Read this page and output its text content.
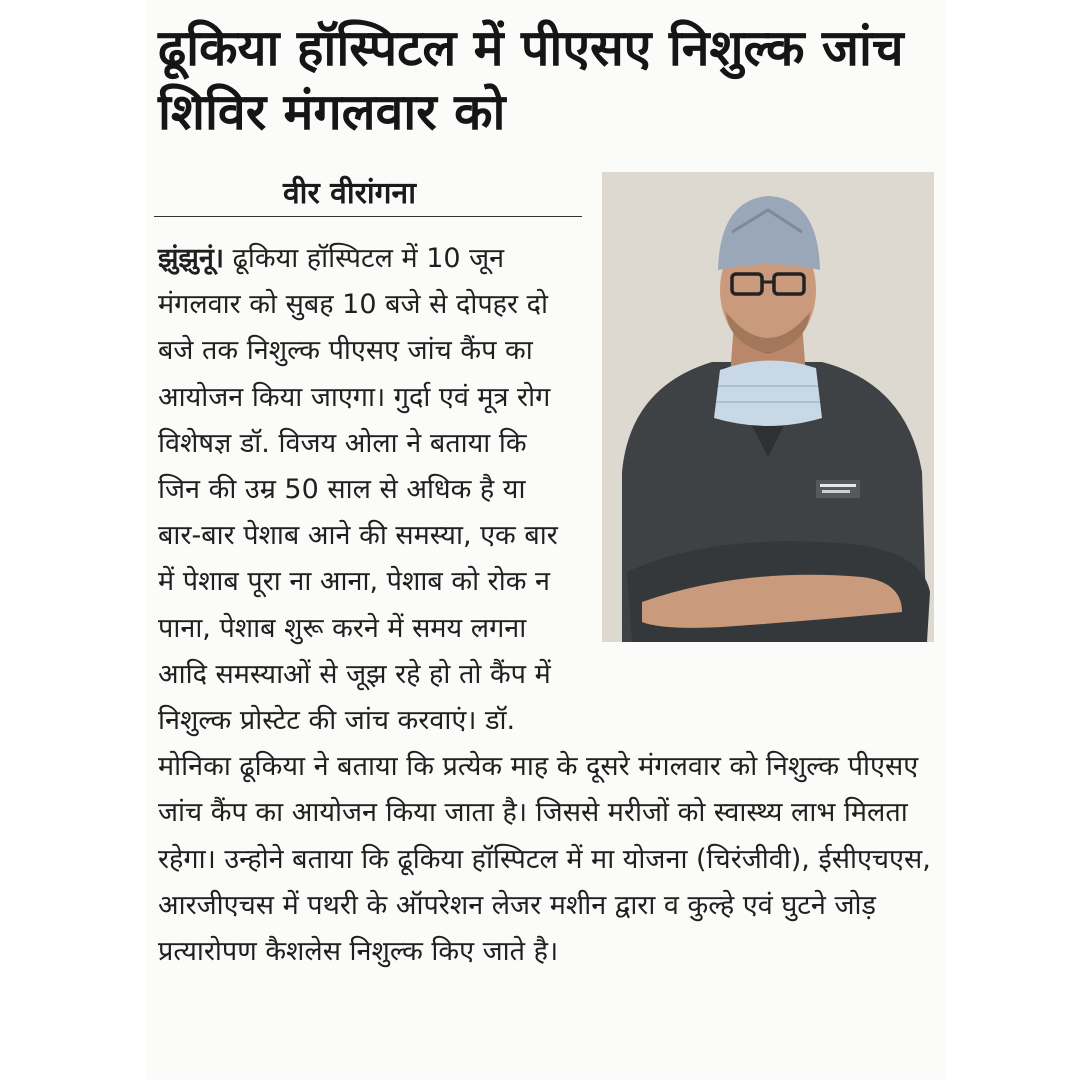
ढूकिया हॉस्पिटल में पीएसए निशुल्क जांच शिविर मंगलवार को
वीर वीरांगना

झुंझुनूं। ढूकिया हॉस्पिटल में 10 जून मंगलवार को सुबह 10 बजे से दोपहर दो बजे तक निशुल्क पीएसए जांच कैंप का आयोजन किया जाएगा। गुर्दा एवं मूत्र रोग विशेषज्ञ डॉ. विजय ओला ने बताया कि जिन की उम्र 50 साल से अधिक है या बार-बार पेशाब आने की समस्या, एक बार में पेशाब पूरा ना आना, पेशाब को रोक न पाना, पेशाब शुरू करने में समय लगना आदि समस्याओं से जूझ रहे हो तो कैंप में निशुल्क प्रोस्टेट की जांच करवाएं। डॉ. मोनिका ढूकिया ने बताया कि प्रत्येक माह के दूसरे मंगलवार को निशुल्क पीएसए जांच कैंप का आयोजन किया जाता है। जिससे मरीजों को स्वास्थ्य लाभ मिलता रहेगा। उन्होने बताया कि ढूकिया हॉस्पिटल में मा योजना (चिरंजीवी), ईसीएचएस, आरजीएचस में पथरी के ऑपरेशन लेजर मशीन द्वारा व कुल्हे एवं घुटने जोड़ प्रत्यारोपण कैशलेस निशुल्क किए जाते है।
